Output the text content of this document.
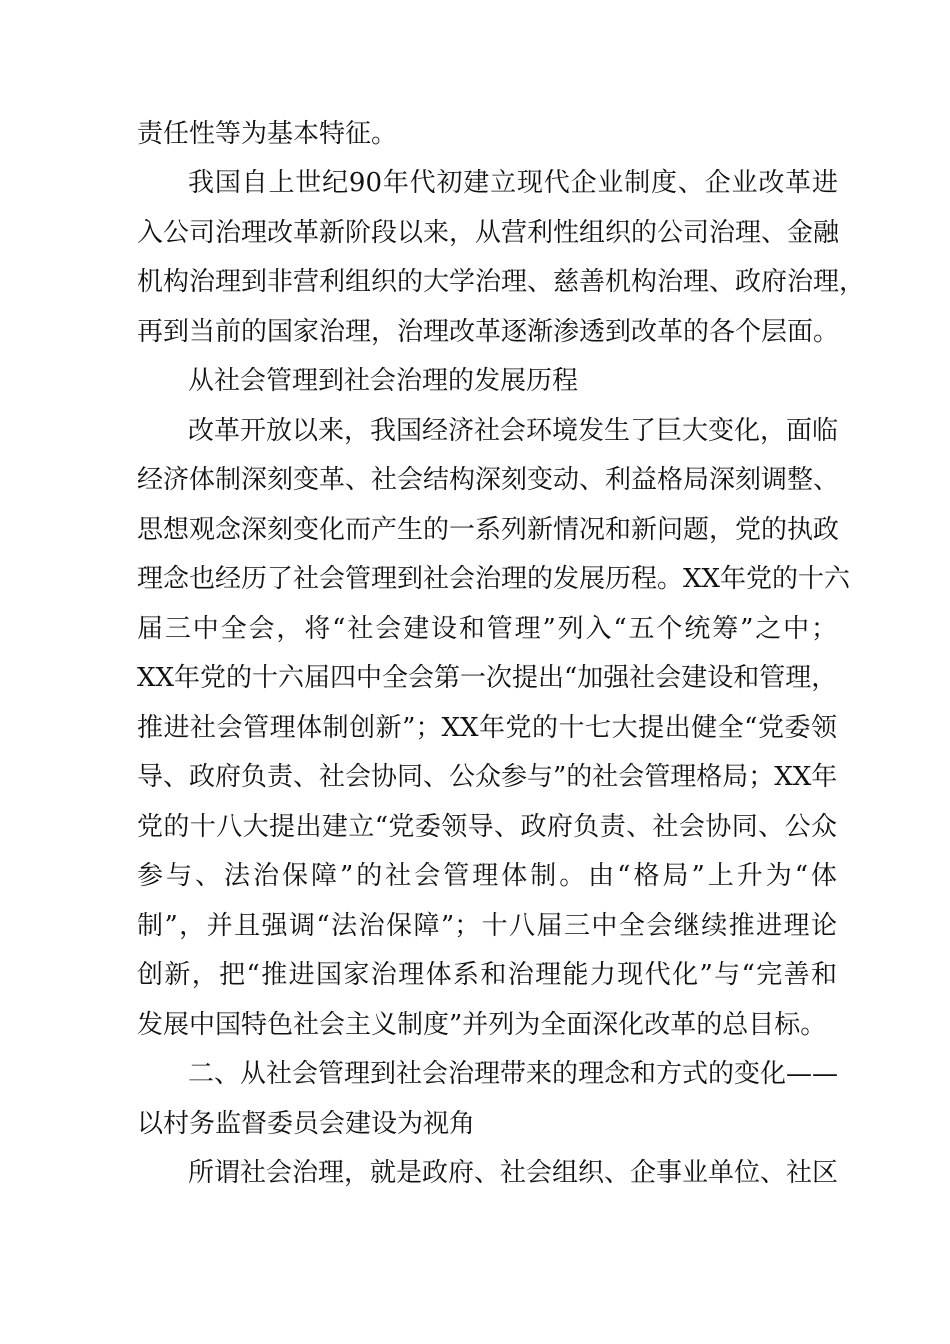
责任性等为基本特征。
我国自上世纪90年代初建立现代企业制度、企业改革进
入公司治理改革新阶段以来，从营利性组织的公司治理、金融
机构治理到非营利组织的大学治理、慈善机构治理、政府治理，
再到当前的国家治理，治理改革逐渐渗透到改革的各个层面。
从社会管理到社会治理的发展历程
改革开放以来，我国经济社会环境发生了巨大变化，面临
经济体制深刻变革、社会结构深刻变动、利益格局深刻调整、
思想观念深刻变化而产生的一系列新情况和新问题，党的执政
理念也经历了社会管理到社会治理的发展历程。XX年党的十六
届三中全会，将“社会建设和管理”列入“五个统筹”之中；
XX年党的十六届四中全会第一次提出“加强社会建设和管理，
推进社会管理体制创新”；XX年党的十七大提出健全“党委领
导、政府负责、社会协同、公众参与”的社会管理格局；XX年
党的十八大提出建立“党委领导、政府负责、社会协同、公众
参与、法治保障”的社会管理体制。由“格局”上升为“体
制”，并且强调“法治保障”；十八届三中全会继续推进理论
创新，把“推进国家治理体系和治理能力现代化”与“完善和
发展中国特色社会主义制度”并列为全面深化改革的总目标。
二、从社会管理到社会治理带来的理念和方式的变化——
以村务监督委员会建设为视角
所谓社会治理，就是政府、社会组织、企事业单位、社区
